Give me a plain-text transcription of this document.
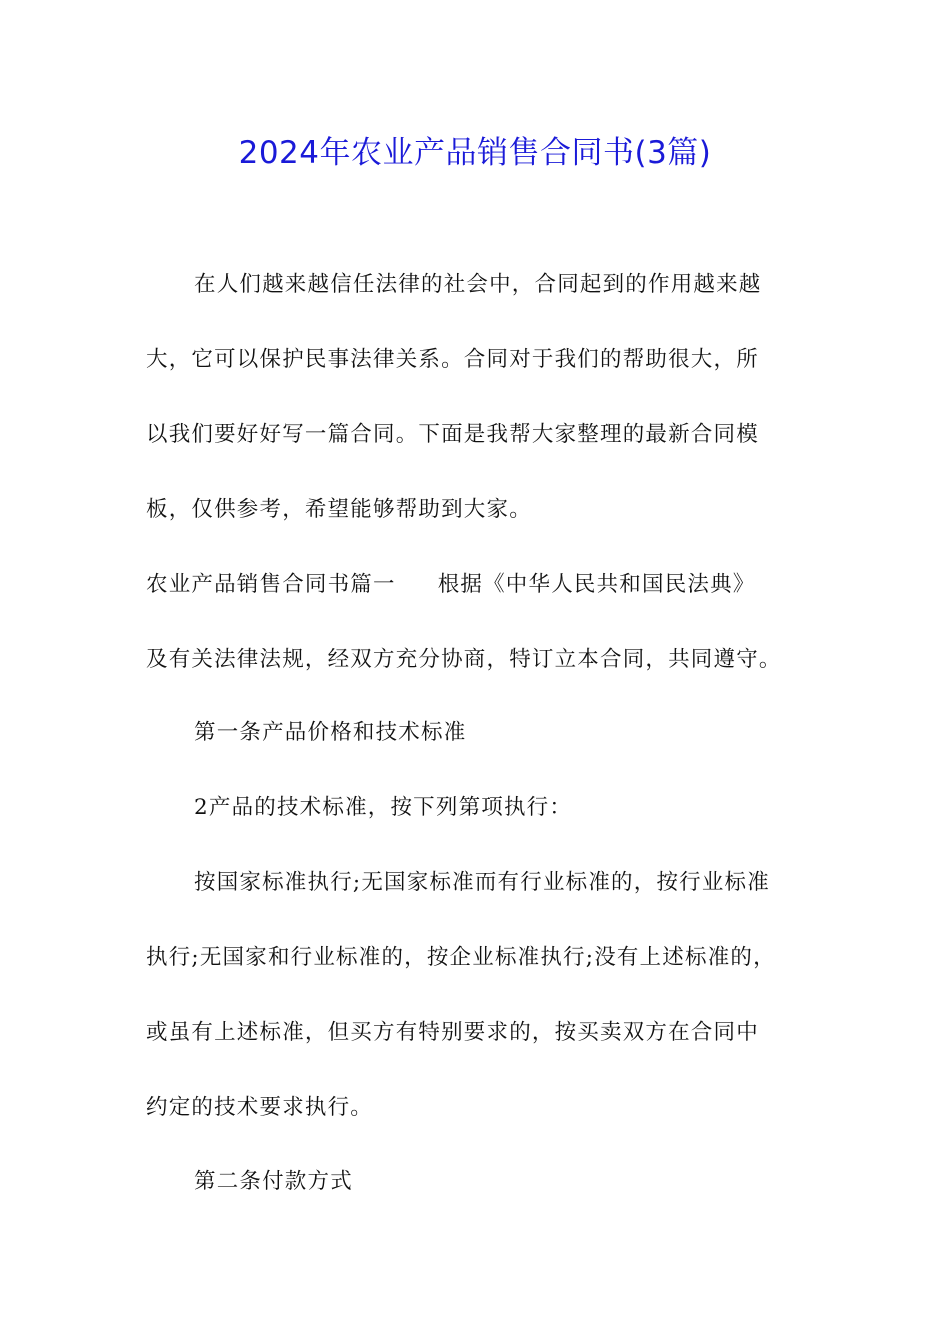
2024年农业产品销售合同书(3篇)
在人们越来越信任法律的社会中，合同起到的作用越来越
大，它可以保护民事法律关系。合同对于我们的帮助很大，所
以我们要好好写一篇合同。下面是我帮大家整理的最新合同模
板，仅供参考，希望能够帮助到大家。
农业产品销售合同书篇一 根据《中华人民共和国民法典》
及有关法律法规，经双方充分协商，特订立本合同，共同遵守。
第一条产品价格和技术标准
2产品的技术标准，按下列第项执行：
按国家标准执行;无国家标准而有行业标准的，按行业标准
执行;无国家和行业标准的，按企业标准执行;没有上述标准的，
或虽有上述标准，但买方有特别要求的，按买卖双方在合同中
约定的技术要求执行。
第二条付款方式
